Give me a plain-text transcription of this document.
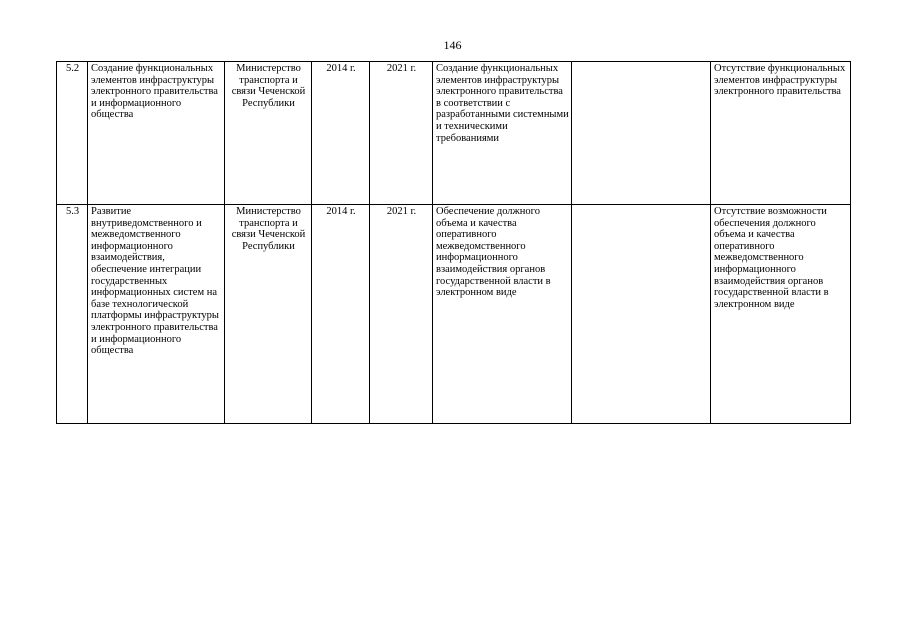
146
5.2	Создание функциональных элементов инфраструктуры электронного правительства и информационного общества	Министерство транспорта и связи Чеченской Республики	2014 г.	2021 г.	Создание функциональных элементов инфраструктуры электронного правительства в соответствии с разработанными системными и техническими требованиями		Отсутствие функциональных элементов инфраструктуры электронного правительства
5.3	Развитие внутриведомственного и межведомственного информационного взаимодействия, обеспечение интеграции государственных информационных систем на базе технологической платформы инфраструктуры электронного правительства и информационного общества	Министерство транспорта и связи Чеченской Республики	2014 г.	2021 г.	Обеспечение должного объема и качества оперативного межведомственного информационного взаимодействия органов государственной власти в электронном виде		Отсутствие возможности обеспечения должного объема и качества оперативного межведомственного информационного взаимодействия органов государственной власти в электронном виде
